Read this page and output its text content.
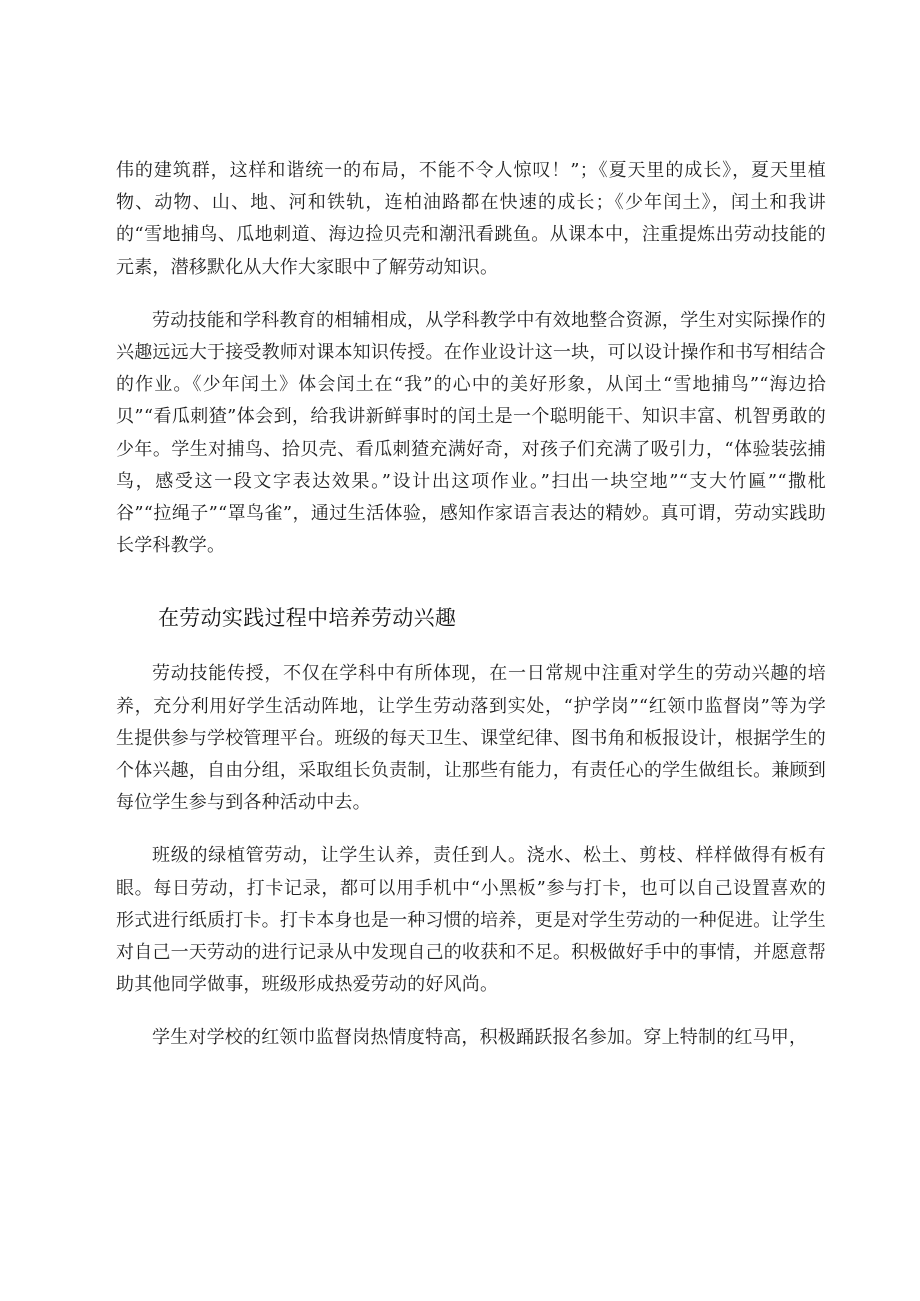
伟的建筑群，这样和谐统一的布局，不能不令人惊叹！”；《夏天里的成长》，夏天里植物、动物、山、地、河和铁轨，连柏油路都在快速的成长；《少年闰土》，闰土和我讲的“雪地捕鸟、瓜地刺道、海边捡贝壳和潮汛看跳鱼。从课本中，注重提炼出劳动技能的元素，潜移默化从大作大家眼中了解劳动知识。

劳动技能和学科教育的相辅相成，从学科教学中有效地整合资源，学生对实际操作的兴趣远远大于接受教师对课本知识传授。在作业设计这一块，可以设计操作和书写相结合的作业。《少年闰土》体会闰土在“我”的心中的美好形象，从闰土“雪地捕鸟”“海边拾贝”“看瓜刺猹”体会到，给我讲新鲜事时的闰土是一个聪明能干、知识丰富、机智勇敢的少年。学生对捕鸟、拾贝壳、看瓜刺猹充满好奇，对孩子们充满了吸引力，“体验装弦捕鸟，感受这一段文字表达效果。”设计出这项作业。”扫出一块空地”“支大竹匾”“撒枇谷”“拉绳子”“罩鸟雀”，通过生活体验，感知作家语言表达的精妙。真可谓，劳动实践助长学科教学。

在劳动实践过程中培养劳动兴趣

劳动技能传授，不仅在学科中有所体现，在一日常规中注重对学生的劳动兴趣的培养，充分利用好学生活动阵地，让学生劳动落到实处，“护学岗”“红领巾监督岗”等为学生提供参与学校管理平台。班级的每天卫生、课堂纪律、图书角和板报设计，根据学生的个体兴趣，自由分组，采取组长负责制，让那些有能力，有责任心的学生做组长。兼顾到每位学生参与到各种活动中去。

班级的绿植管劳动，让学生认养，责任到人。浇水、松土、剪枝、样样做得有板有眼。每日劳动，打卡记录，都可以用手机中“小黑板”参与打卡，也可以自己设置喜欢的形式进行纸质打卡。打卡本身也是一种习惯的培养，更是对学生劳动的一种促进。让学生对自己一天劳动的进行记录从中发现自己的收获和不足。积极做好手中的事情，并愿意帮助其他同学做事，班级形成热爱劳动的好风尚。

学生对学校的红领巾监督岗热情度特高，积极踊跃报名参加。穿上特制的红马甲，
